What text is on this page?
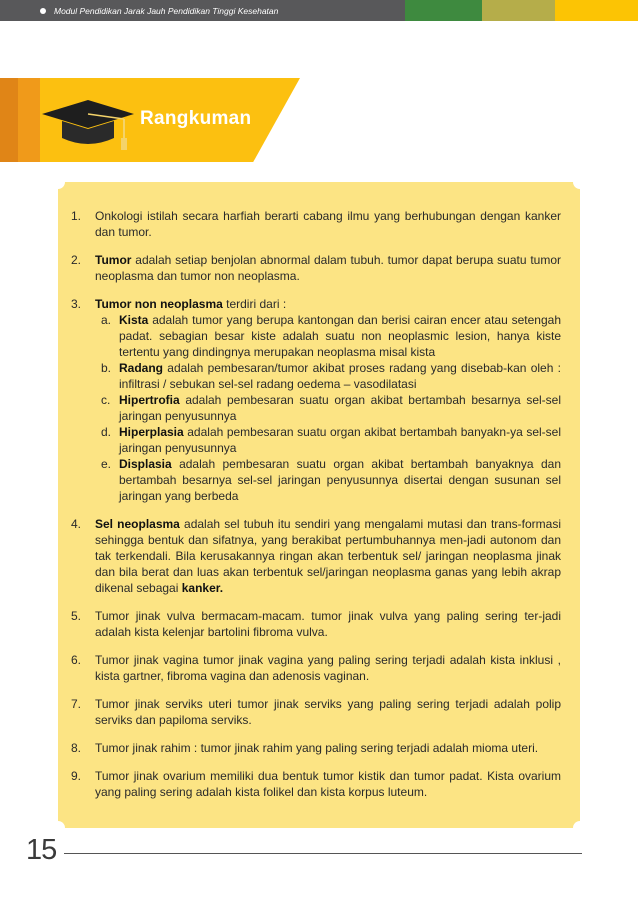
Modul Pendidikan Jarak Jauh Pendidikan Tinggi Kesehatan
Rangkuman
1. Onkologi istilah secara harfiah berarti cabang ilmu yang berhubungan dengan kanker dan tumor.
2. Tumor adalah setiap benjolan abnormal dalam tubuh. tumor dapat berupa suatu tumor neoplasma dan tumor non neoplasma.
3. Tumor non neoplasma terdiri dari :
a. Kista adalah tumor yang berupa kantongan dan berisi cairan encer atau setengah padat. sebagian besar kiste adalah suatu non neoplasmic lesion, hanya kiste tertentu yang dindingnya merupakan neoplasma misal kista
b. Radang adalah pembesaran/tumor akibat proses radang yang disebab-kan oleh : infiltrasi / sebukan sel-sel radang oedema – vasodilatasi
c. Hipertrofia adalah pembesaran suatu organ akibat bertambah besarnya sel-sel jaringan penyusunnya
d. Hiperplasia adalah pembesaran suatu organ akibat bertambah banyakn-ya sel-sel jaringan penyusunnya
e. Displasia adalah pembesaran suatu organ akibat bertambah banyaknya dan bertambah besarnya sel-sel jaringan penyusunnya disertai dengan susunan sel jaringan yang berbeda
4. Sel neoplasma adalah sel tubuh itu sendiri yang mengalami mutasi dan trans-formasi sehingga bentuk dan sifatnya, yang berakibat pertumbuhannya men-jadi autonom dan tak terkendali. Bila kerusakannya ringan akan terbentuk sel/ jaringan neoplasma jinak dan bila berat dan luas akan terbentuk sel/jaringan neoplasma ganas yang lebih akrap dikenal sebagai kanker.
5. Tumor jinak vulva bermacam-macam. tumor jinak vulva yang paling sering ter-jadi adalah kista kelenjar bartolini fibroma vulva.
6. Tumor jinak vagina tumor jinak vagina yang paling sering terjadi adalah kista inklusi , kista gartner, fibroma vagina dan adenosis vaginan.
7. Tumor jinak serviks uteri tumor jinak serviks yang paling sering terjadi adalah polip serviks dan papiloma serviks.
8. Tumor jinak rahim : tumor jinak rahim yang paling sering terjadi adalah mioma uteri.
9. Tumor jinak ovarium memiliki dua bentuk tumor kistik dan tumor padat. Kista ovarium yang paling sering adalah kista folikel dan kista korpus luteum.
15
